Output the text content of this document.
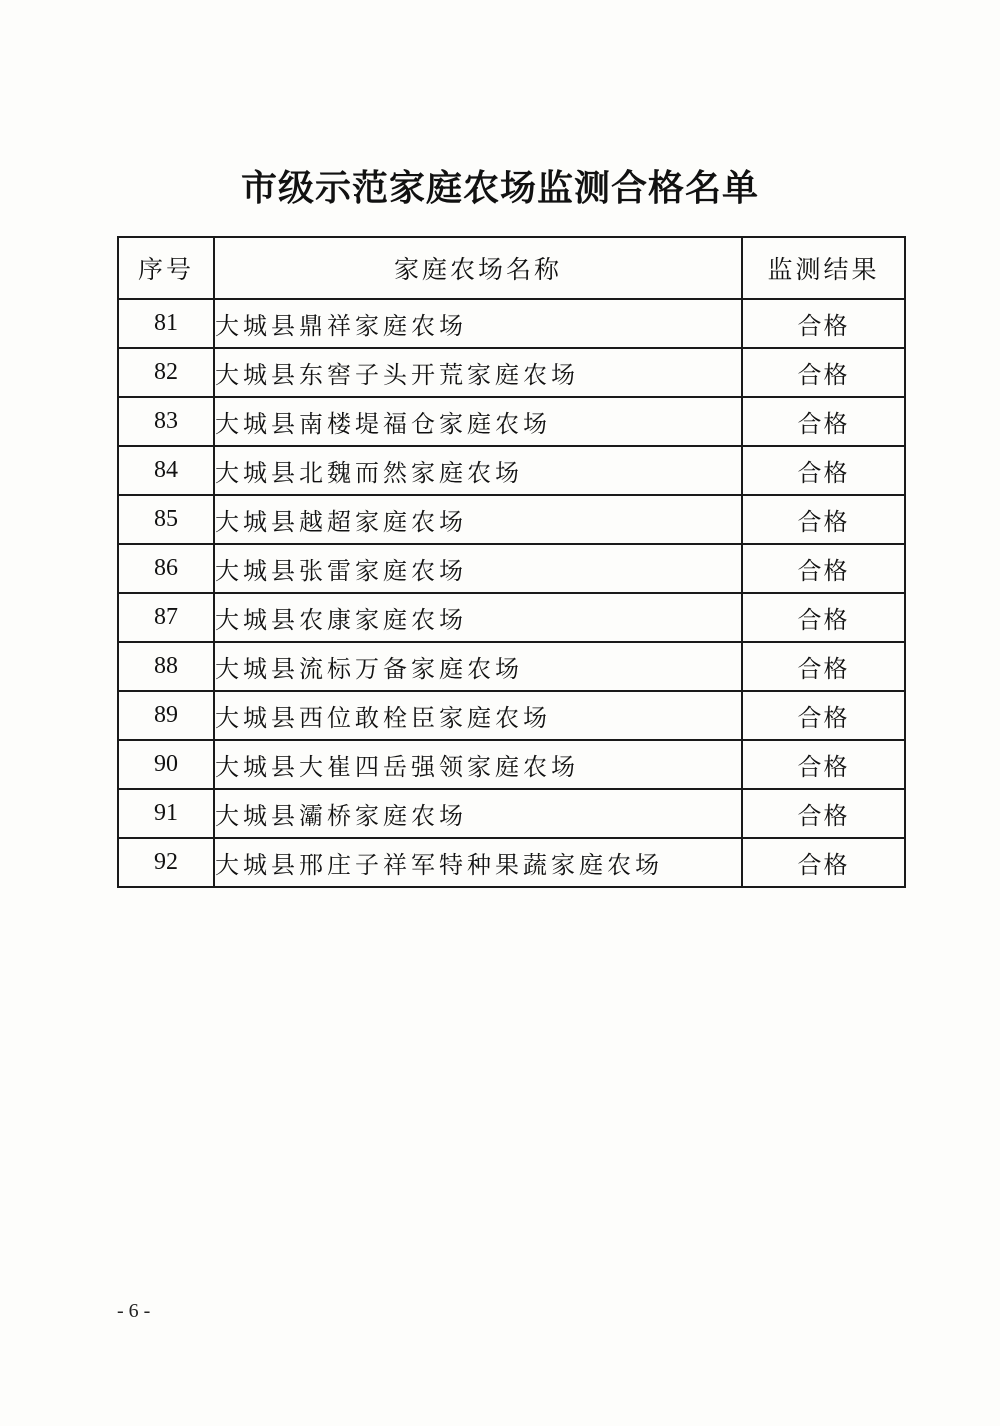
市级示范家庭农场监测合格名单
序号	家庭农场名称	监测结果
81	大城县鼎祥家庭农场	合格
82	大城县东窖子头开荒家庭农场	合格
83	大城县南楼堤福仓家庭农场	合格
84	大城县北魏而然家庭农场	合格
85	大城县越超家庭农场	合格
86	大城县张雷家庭农场	合格
87	大城县农康家庭农场	合格
88	大城县流标万备家庭农场	合格
89	大城县西位敢栓臣家庭农场	合格
90	大城县大崔四岳强领家庭农场	合格
91	大城县灞桥家庭农场	合格
92	大城县邢庄子祥军特种果蔬家庭农场	合格
- 6 -
